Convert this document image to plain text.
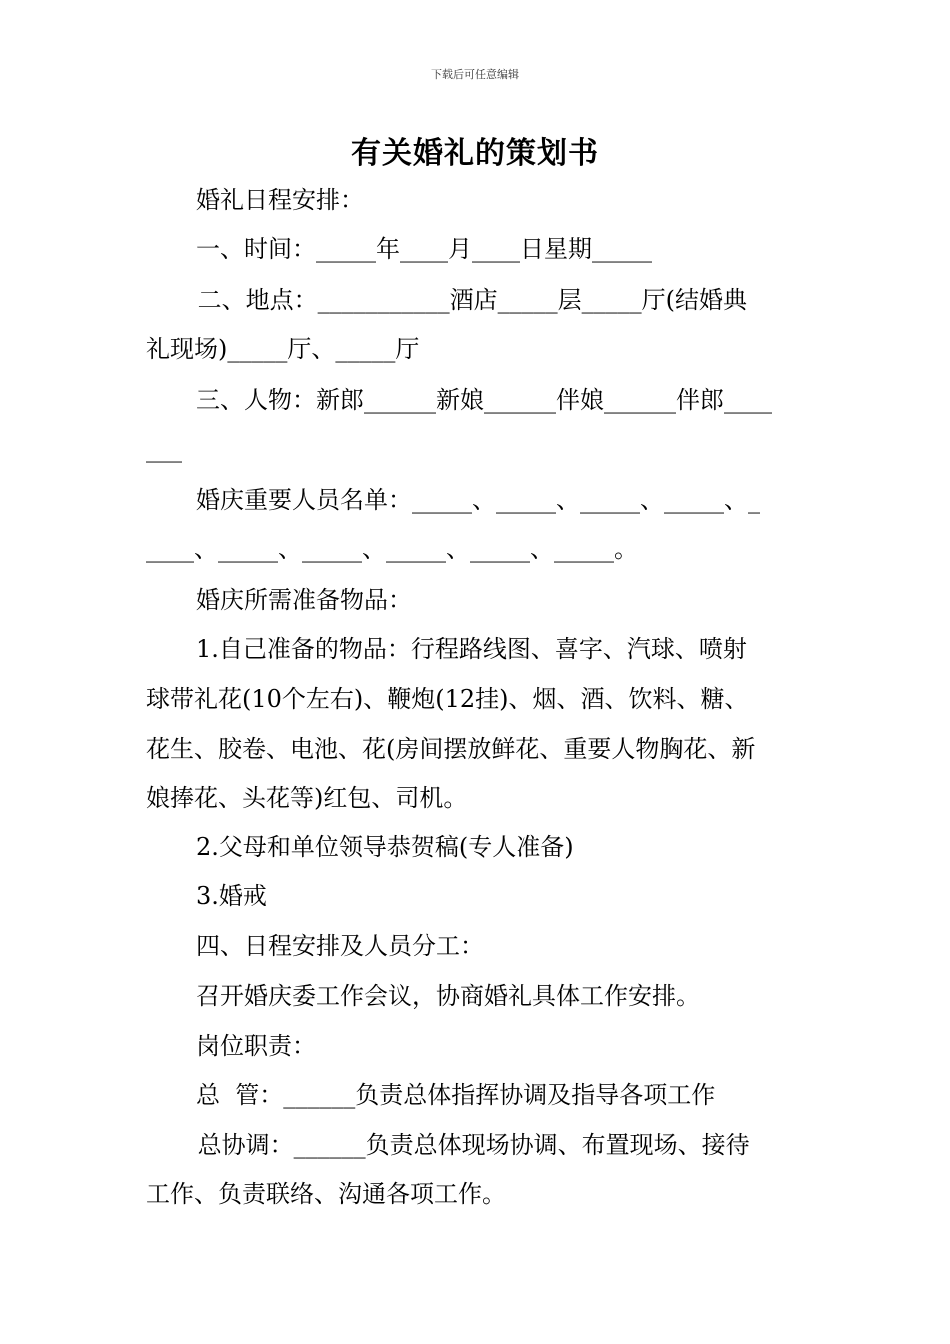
下载后可任意编辑
有关婚礼的策划书
婚礼日程安排：
一、时间：_____年____月____日星期_____
二、地点：___________酒店_____层_____厅(结婚典
礼现场)_____厅、_____厅
三、人物：新郎______新娘______伴娘______伴郎____
___
婚庆重要人员名单：_____、_____、_____、_____、_
____、_____、_____、_____、_____、_____。
婚庆所需准备物品：
1.自己准备的物品：行程路线图、喜字、汽球、喷射
球带礼花(10个左右)、鞭炮(12挂)、烟、酒、饮料、糖、
花生、胶卷、电池、花(房间摆放鲜花、重要人物胸花、新
娘捧花、头花等)红包、司机。
2.父母和单位领导恭贺稿(专人准备)
3.婚戒
四、日程安排及人员分工：
召开婚庆委工作会议，协商婚礼具体工作安排。
岗位职责：
总  管：______负责总体指挥协调及指导各项工作
总协调：______负责总体现场协调、布置现场、接待
工作、负责联络、沟通各项工作。
